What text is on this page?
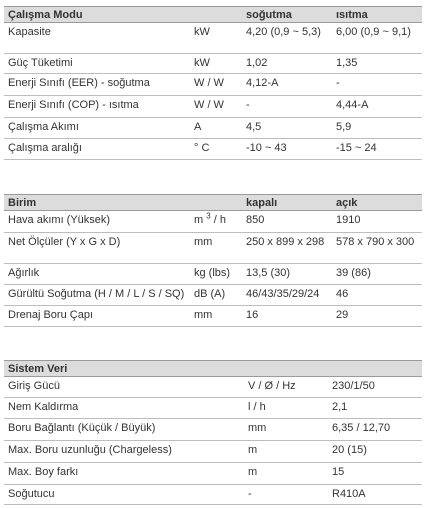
Çalışma Modu		soğutma	ısıtma
Kapasite	kW	4,20 (0,9 ~ 5,3)	6,00 (0,9 ~ 9,1)
Güç Tüketimi	kW	1,02	1,35
Enerji Sınıfı (EER) - soğutma	W / W	4,12-A	-
Enerji Sınıfı (COP) - ısıtma	W / W	-	4,44-A
Çalışma Akımı	A	4,5	5,9
Çalışma aralığı	° C	-10 ~ 43	-15 ~ 24
Birim		kapalı	açık
Hava akımı (Yüksek)	m $^3$ / h	850	1910
Net Ölçüler (Y x G x D)	mm	250 x 899 x 298	578 x 790 x 300
Ağırlık	kg (lbs)	13,5 (30)	39 (86)
Gürültü Soğutma (H / M / L / S / SQ)	dB (A)	46/43/35/29/24	46
Drenaj Boru Çapı	mm	16	29
Sistem Veri		
Giriş Gücü	V / Ø / Hz	230/1/50
Nem Kaldırma	l / h	2,1
Boru Bağlantı (Küçük / Büyük)	mm	6,35 / 12,70
Max. Boru uzunluğu (Chargeless)	m	20 (15)
Max. Boy farkı	m	15
Soğutucu	-	R410A
